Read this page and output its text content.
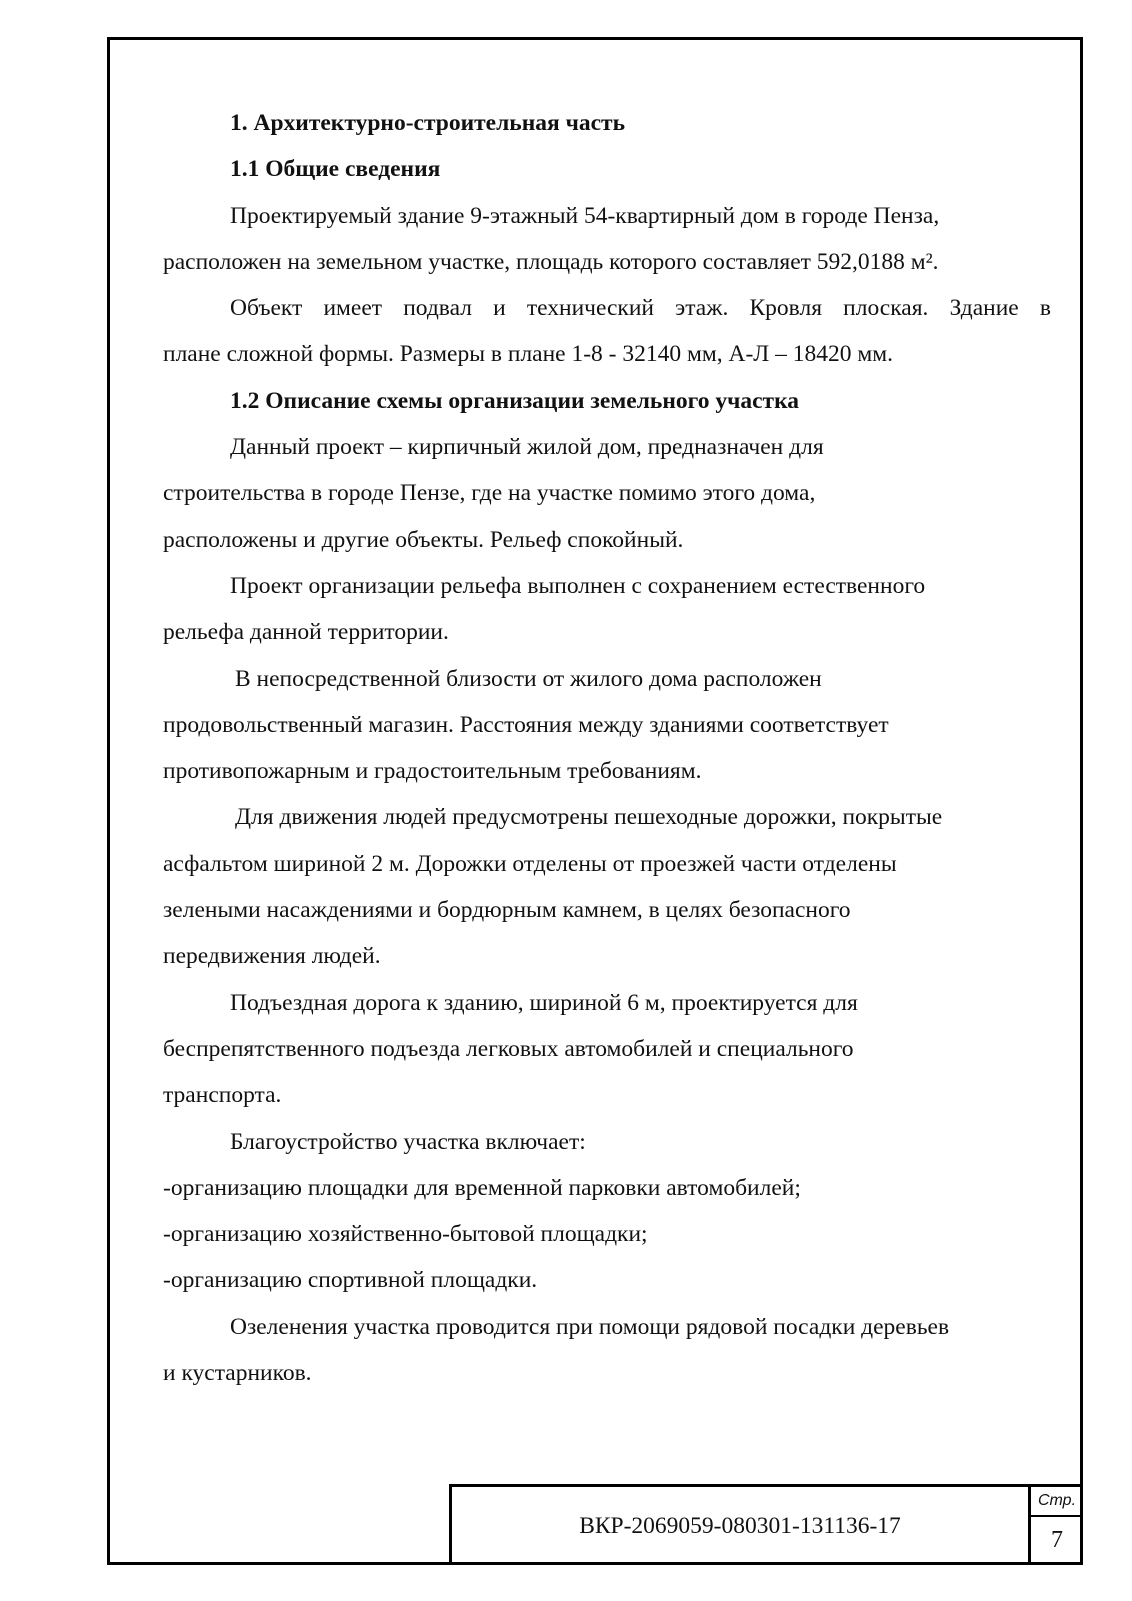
1. Архитектурно-строительная часть

1.1 Общие сведения

Проектируемый здание 9-этажный 54-квартирный дом в городе Пенза,

расположен на земельном участке, площадь которого составляет 592,0188 м².

Объект имеет подвал и технический этаж. Кровля плоская. Здание в

плане сложной формы. Размеры в плане 1-8 - 32140 мм, А-Л – 18420 мм.

1.2 Описание схемы организации земельного участка

Данный проект – кирпичный жилой дом, предназначен для

строительства в городе Пензе, где на участке помимо этого дома,

расположены и другие объекты. Рельеф спокойный.

Проект организации рельефа выполнен с сохранением естественного

рельефа данной территории.

В непосредственной близости от жилого дома расположен

продовольственный магазин. Расстояния между зданиями соответствует

противопожарным и градостоительным требованиям.

Для движения людей предусмотрены пешеходные дорожки, покрытые

асфальтом шириной 2 м. Дорожки отделены от проезжей части отделены

зелеными насаждениями и бордюрным камнем, в целях безопасного

передвижения людей.

Подъездная дорога к зданию, шириной 6 м, проектируется для

беспрепятственного подъезда легковых автомобилей и специального

транспорта.

Благоустройство участка включает:

-организацию площадки для временной парковки автомобилей;

-организацию хозяйственно-бытовой площадки;

-организацию спортивной площадки.

Озеленения участка проводится при помощи рядовой посадки деревьев

и кустарников.

ВКР-2069059-080301-131136-17
Стр.
7
